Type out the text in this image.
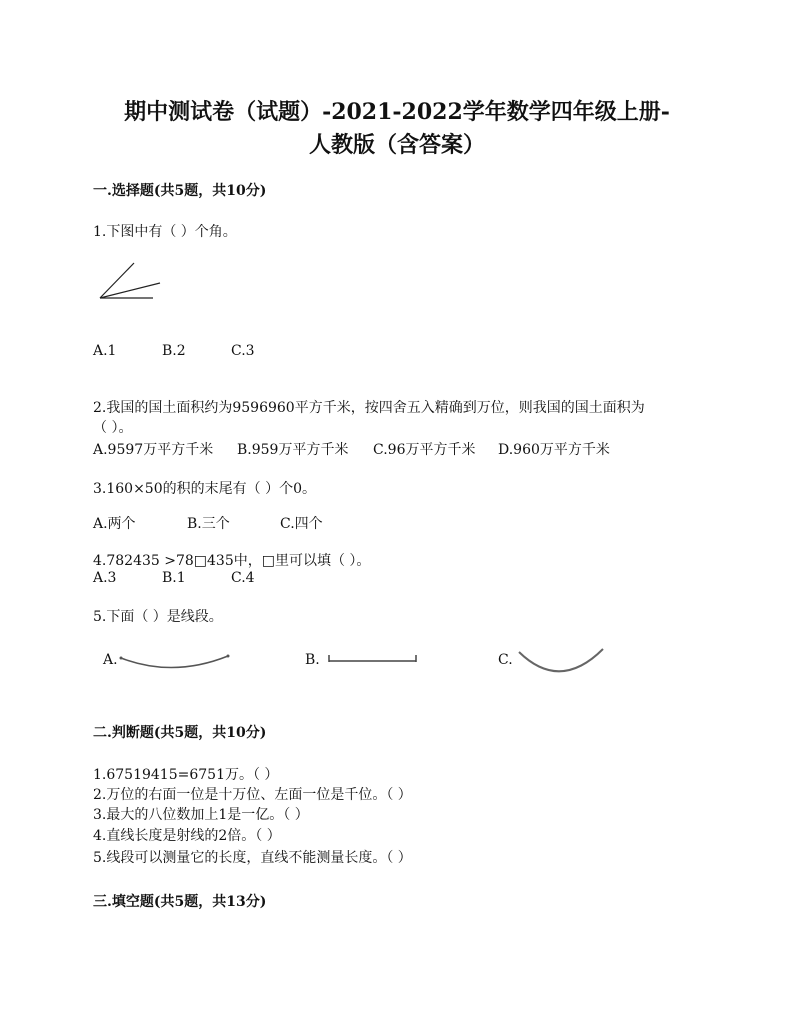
期中测试卷（试题）-2021-2022学年数学四年级上册-
人教版（含答案）
一.选择题(共5题，共10分)
1.下图中有（ ）个角。
A.1	B.2	C.3
2.我国的国土面积约为9596960平方千米，按四舍五入精确到万位，则我国的国土面积为
（ ）。
A.9597万平方千米 B.959万平方千米 C.96万平方千米 D.960万平方千米
3.160×50的积的末尾有（ ）个0。
A.两个	B.三个	C.四个
4.782435 >78□435中，□里可以填（ ）。
A.3	B.1	C.4
5.下面（ ）是线段。
A.	B.	C.
二.判断题(共5题，共10分)
1.67519415=6751万。（ ）
2.万位的右面一位是十万位、左面一位是千位。（ ）
3.最大的八位数加上1是一亿。（ ）
4.直线长度是射线的2倍。（ ）
5.线段可以测量它的长度，直线不能测量长度。（ ）
三.填空题(共5题，共13分)
